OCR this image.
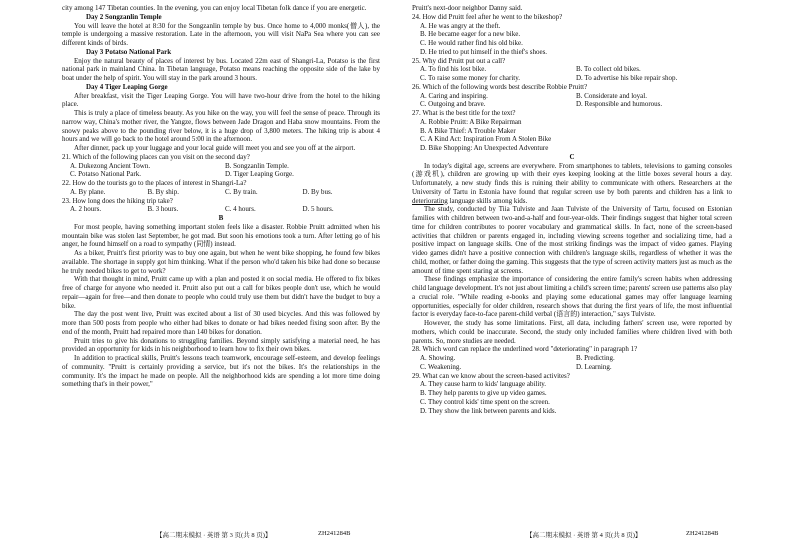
city among 147 Tibetan counties. In the evening, you can enjoy local Tibetan folk dance if you are energetic.

Day 2 Songzanlin Temple

You will leave the hotel at 8:30 for the Songzanlin temple by bus. Once home to 4,000 monks(僧人), the temple is undergoing a massive restoration. Late in the afternoon, you will visit NaPa Sea where you can see different kinds of birds.

Day 3 Potatso National Park

Enjoy the natural beauty of places of interest by bus. Located 22m east of Shangri-La, Potatso is the first national park in mainland China. In Tibetan language, Potatso means reaching the opposite side of the lake by boat under the help of spirit. You will stay in the park around 3 hours.

Day 4 Tiger Leaping Gorge

After breakfast, visit the Tiger Leaping Gorge. You will have two-hour drive from the hotel to the hiking place.

This is truly a place of timeless beauty. As you hike on the way, you will feel the sense of peace. Through its narrow way, China's mother river, the Yangze, flows between Jade Dragon and Haba snow mountains. From the snowy peaks above to the pounding river below, it is a huge drop of 3,800 meters. The hiking trip is about 4 hours and we will go back to the hotel around 5:00 in the afternoon.

After dinner, pack up your luggage and your local guide will meet you and see you off at the airport.

21. Which of the following places can you visit on the second day?

A. Dukezong Ancient Town.	B. Songzanlin Temple.
C. Potatso National Park.	D. Tiger Leaping Gorge.

22. How do the tourists go to the places of interest in Shangri-La?

A. By plane.	B. By ship.	C. By train.	D. By bus.

23. How long does the hiking trip take?

A. 2 hours.	B. 3 hours.	C. 4 hours.	D. 5 hours.
B

For most people, having something important stolen feels like a disaster. Robbie Pruitt admitted when his mountain bike was stolen last September, he got mad. But soon his emotions took a turn. After letting go of his anger, he found himself on a road to sympathy (同情) instead.

As a biker, Pruitt's first priority was to buy one again, but when he went bike shopping, he found few bikes available. The shortage in supply got him thinking. What if the person who'd taken his bike had done so because he truly needed bikes to get to work?

With that thought in mind, Pruitt came up with a plan and posted it on social media. He offered to fix bikes free of charge for anyone who needed it. Pruitt also put out a call for bikes people don't use, which he would repair—again for free—and then donate to people who could truly use them but didn't have the budget to buy a bike.

The day the post went live, Pruitt was excited about a list of 30 used bicycles. And this was followed by more than 500 posts from people who either had bikes to donate or had bikes needed fixing soon after. By the end of the month, Pruitt had repaired more than 140 bikes for donation.

Pruitt tries to give his donations to struggling families. Beyond simply satisfying a material need, he has provided an opportunity for kids in his neighborhood to learn how to fix their own bikes.

In addition to practical skills, Pruitt's lessons teach teamwork, encourage self-esteem, and develop feelings of community. "Pruitt is certainly providing a service, but it's not the bikes. It's the relationships in the community. It's the impact he made on people. All the neighborhood kids are spending a lot more time doing something that's in their power,"

Pruitt's next-door neighbor Danny said.

24. How did Pruitt feel after he went to the bikeshop?

A. He was angry at the theft.
B. He became eager for a new bike.
C. He would rather find his old bike.
D. He tried to put himself in the thief's shoes.

25. Why did Pruitt put out a call?

A. To find his lost bike.	B. To collect old bikes.
C. To raise some money for charity.	D. To advertise his bike repair shop.

26. Which of the following words best describe Robbie Pruitt?

A. Caring and inspiring.	B. Considerate and loyal.
C. Outgoing and brave.	D. Responsible and humorous.

27. What is the best title for the text?

A. Robbie Pruitt: A Bike Repairman
B. A Bike Thief: A Trouble Maker
C. A Kind Act: Inspiration From A Stolen Bike
D. Bike Shopping: An Unexpected Adventure
C

In today's digital age, screens are everywhere. From smartphones to tablets, televisions to gaming consoles (游戏机), children are growing up with their eyes keeping looking at the little boxes several hours a day. Unfortunately, a new study finds this is ruining their ability to communicate with others. Researchers at the University of Tartu in Estonia have found that regular screen use by both parents and children has a link to deteriorating language skills among kids.

The study, conducted by Tiia Tulviste and Jaan Tulviste of the University of Tartu, focused on Estonian families with children between two-and-a-half and four-year-olds. Their findings suggest that higher total screen time for children contributes to poorer vocabulary and grammatical skills. In fact, none of the screen-based activities that children or parents engaged in, including viewing screens together and socializing time, had a positive impact on language skills. One of the most striking findings was the impact of video games. Playing video games didn't have a positive connection with children's language skills, regardless of whether it was the child, mother, or father doing the gaming. This suggests that the type of screen activity matters just as much as the amount of time spent staring at screens.

These findings emphasize the importance of considering the entire family's screen habits when addressing child language development. It's not just about limiting a child's screen time; parents' screen use patterns also play a crucial role. "While reading e-books and playing some educational games may offer language learning opportunities, especially for older children, research shows that during the first years of life, the most influential factor is everyday face-to-face parent-child verbal (语言的) interaction," says Tulviste.

However, the study has some limitations. First, all data, including fathers' screen use, were reported by mothers, which could be inaccurate. Second, the study only included families where children lived with both parents. So, more studies are needed.

28. Which word can replace the underlined word "deteriorating" in paragraph 1?

A. Showing.	B. Predicting.
C. Weakening.	D. Learning.

29. What can we know about the screen-based activites?

A. They cause harm to kids' language ability.
B. They help parents to give up video games.
C. They control kids' time spent on the screen.
D. They show the link between parents and kids.
【高二期末模拟 · 英语 第 3 页(共 8 页)】	ZH241284B	【高二期末模拟 · 英语 第 4 页(共 8 页)】	ZH241284B
